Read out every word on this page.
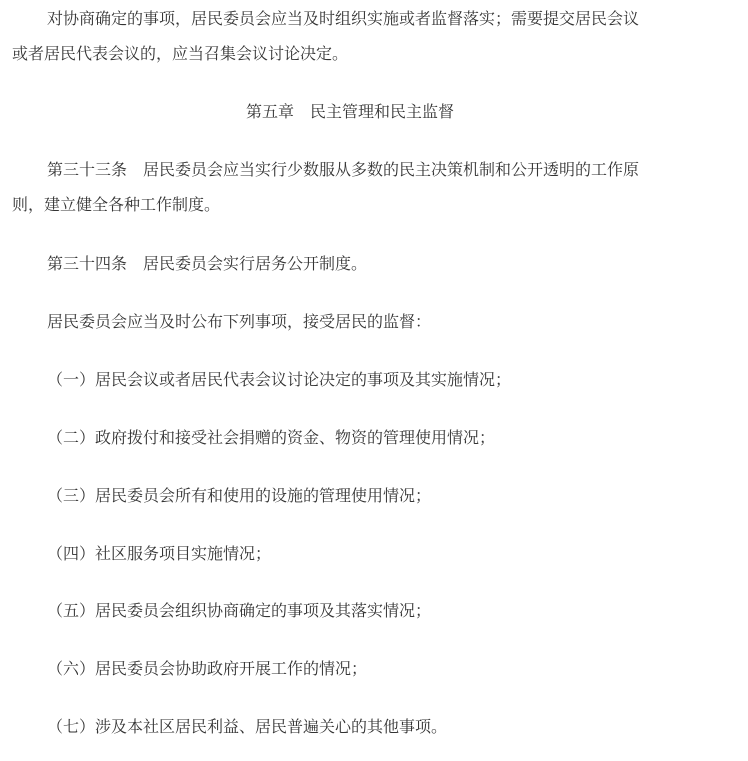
对协商确定的事项，居民委员会应当及时组织实施或者监督落实；需要提交居民会议
或者居民代表会议的，应当召集会议讨论决定。
第五章　民主管理和民主监督
第三十三条　居民委员会应当实行少数服从多数的民主决策机制和公开透明的工作原
则，建立健全各种工作制度。
第三十四条　居民委员会实行居务公开制度。
居民委员会应当及时公布下列事项，接受居民的监督：
（一）居民会议或者居民代表会议讨论决定的事项及其实施情况；
（二）政府拨付和接受社会捐赠的资金、物资的管理使用情况；
（三）居民委员会所有和使用的设施的管理使用情况；
（四）社区服务项目实施情况；
（五）居民委员会组织协商确定的事项及其落实情况；
（六）居民委员会协助政府开展工作的情况；
（七）涉及本社区居民利益、居民普遍关心的其他事项。
